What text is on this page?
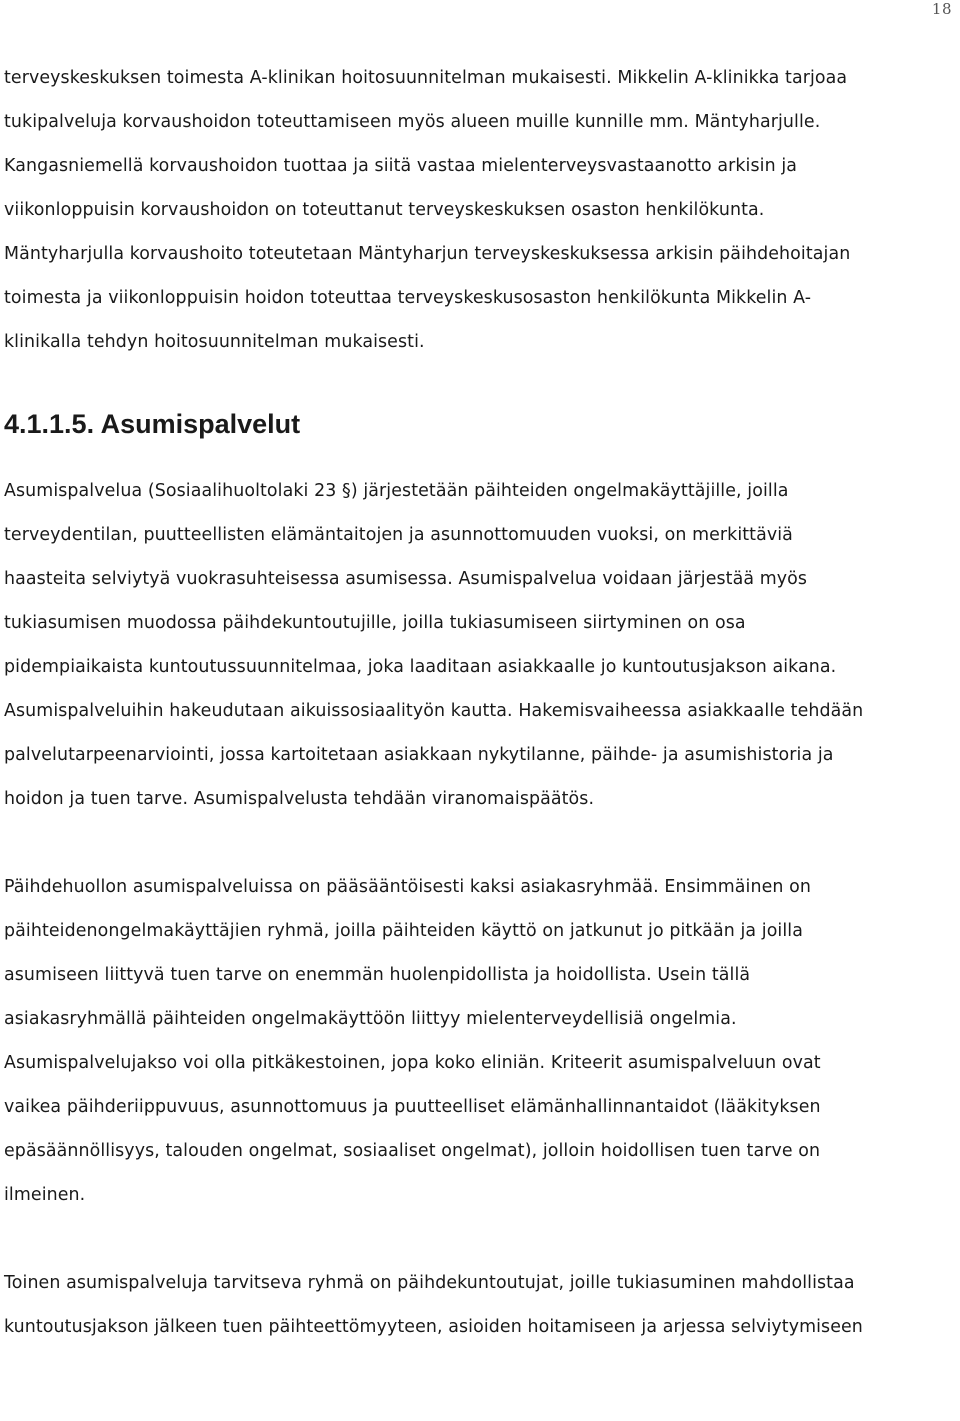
18

terveyskeskuksen toimesta A-klinikan hoitosuunnitelman mukaisesti. Mikkelin A-klinikka tarjoaa
tukipalveluja korvaushoidon toteuttamiseen myös alueen muille kunnille mm. Mäntyharjulle.
Kangasniemellä korvaushoidon tuottaa ja siitä vastaa mielenterveysvastaanotto arkisin ja
viikonloppuisin korvaushoidon on toteuttanut terveyskeskuksen osaston henkilökunta.
Mäntyharjulla korvaushoito toteutetaan Mäntyharjun terveyskeskuksessa arkisin päihdehoitajan
toimesta ja viikonloppuisin hoidon toteuttaa terveyskeskusosaston henkilökunta Mikkelin A-
klinikalla tehdyn hoitosuunnitelman mukaisesti.

4.1.1.5. Asumispalvelut

Asumispalvelua (Sosiaalihuoltolaki 23 §) järjestetään päihteiden ongelmakäyttäjille, joilla
terveydentilan, puutteellisten elämäntaitojen ja asunnottomuuden vuoksi, on merkittäviä
haasteita selviytyä vuokrasuhteisessa asumisessa. Asumispalvelua voidaan järjestää myös
tukiasumisen muodossa päihdekuntoutujille, joilla tukiasumiseen siirtyminen on osa
pidempiaikaista kuntoutussuunnitelmaa, joka laaditaan asiakkaalle jo kuntoutusjakson aikana.
Asumispalveluihin hakeudutaan aikuissosiaalityön kautta. Hakemisvaiheessa asiakkaalle tehdään
palvelutarpeenarviointi, jossa kartoitetaan asiakkaan nykytilanne, päihde- ja asumishistoria ja
hoidon ja tuen tarve. Asumispalvelusta tehdään viranomaispäätös.

Päihdehuollon asumispalveluissa on pääsääntöisesti kaksi asiakasryhmää. Ensimmäinen on
päihteidenongelmakäyttäjien ryhmä, joilla päihteiden käyttö on jatkunut jo pitkään ja joilla
asumiseen liittyvä tuen tarve on enemmän huolenpidollista ja hoidollista. Usein tällä
asiakasryhmällä päihteiden ongelmakäyttöön liittyy mielenterveydellisiä ongelmia.
Asumispalvelujakso voi olla pitkäkestoinen, jopa koko eliniän. Kriteerit asumispalveluun ovat
vaikea päihderiippuvuus, asunnottomuus ja puutteelliset elämänhallinnantaidot (lääkityksen
epäsäännöllisyys, talouden ongelmat, sosiaaliset ongelmat), jolloin hoidollisen tuen tarve on
ilmeinen.

Toinen asumispalveluja tarvitseva ryhmä on päihdekuntoutujat, joille tukiasuminen mahdollistaa
kuntoutusjakson jälkeen tuen päihteettömyyteen, asioiden hoitamiseen ja arjessa selviytymiseen
